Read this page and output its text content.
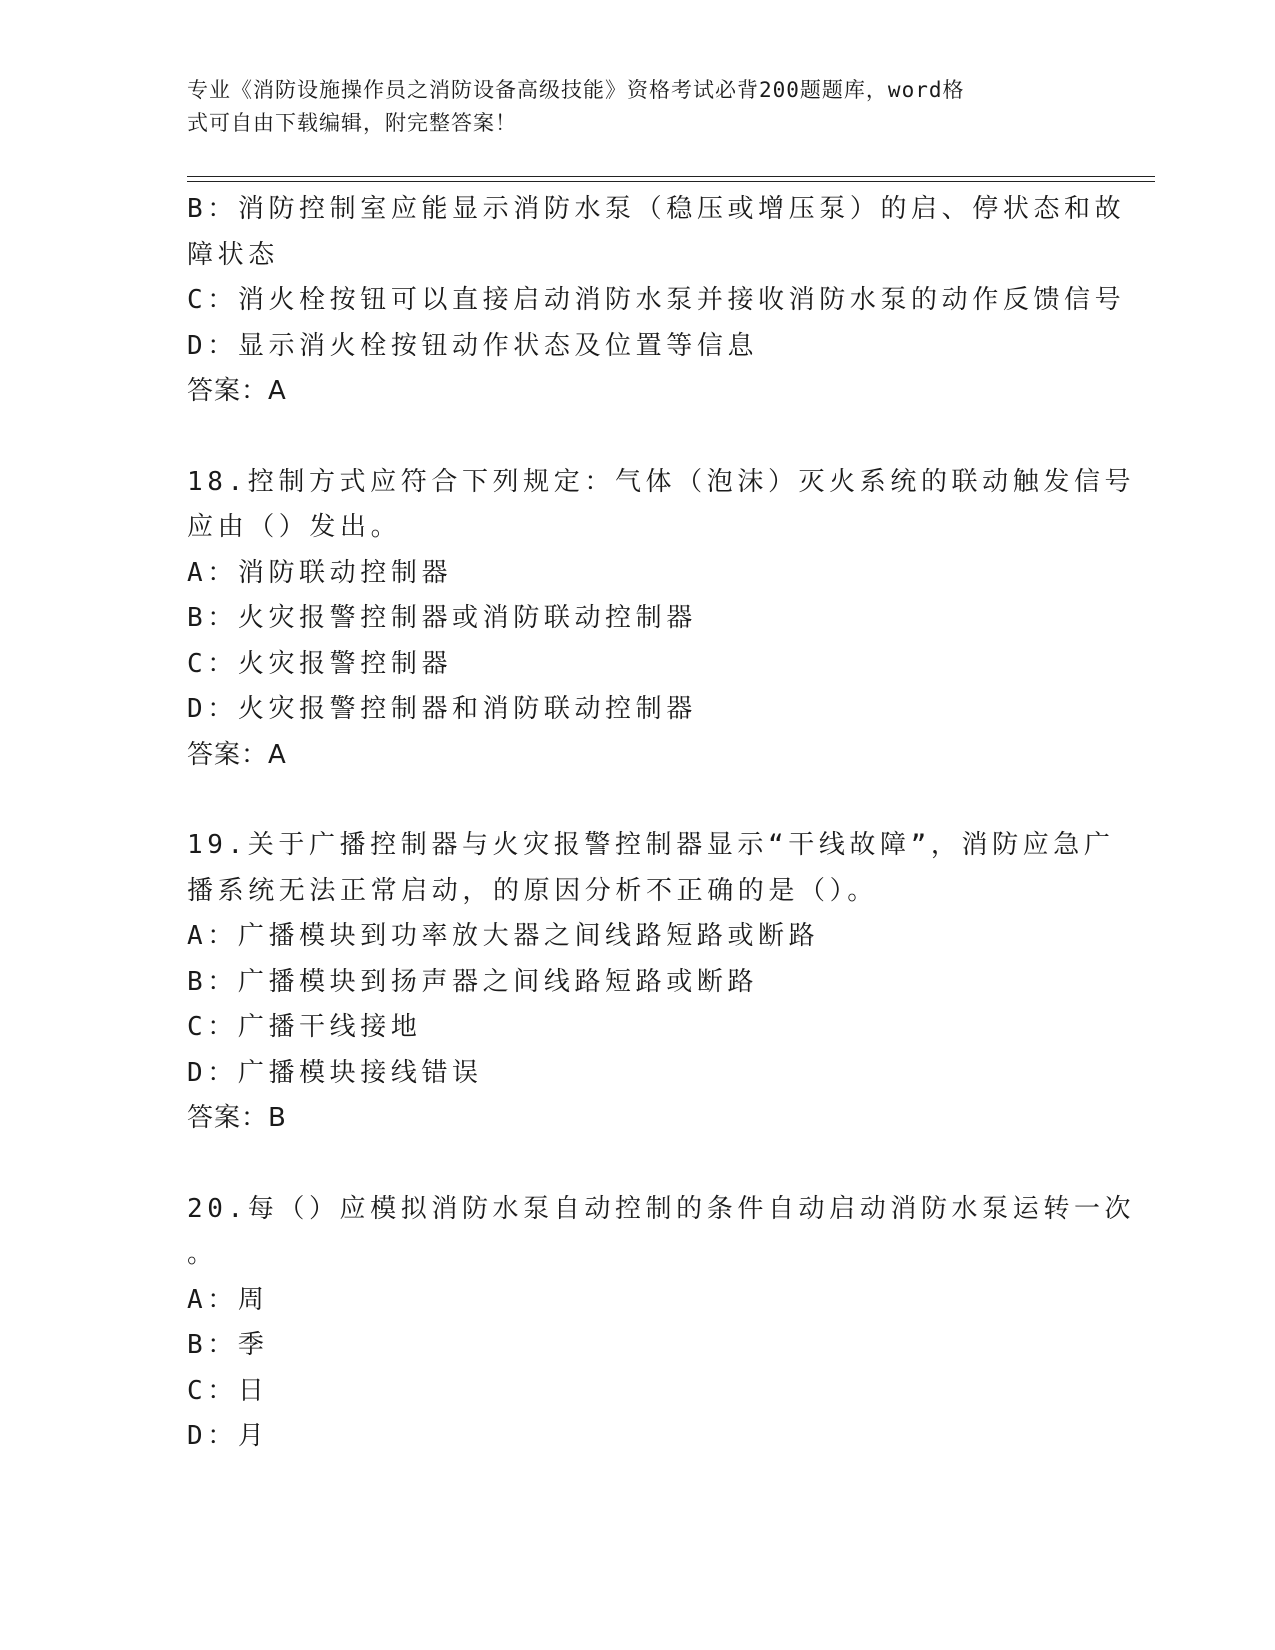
专业《消防设施操作员之消防设备高级技能》资格考试必背200题题库，word格
式可自由下载编辑，附完整答案！
B：消防控制室应能显示消防水泵（稳压或增压泵）的启、停状态和故
障状态
C：消火栓按钮可以直接启动消防水泵并接收消防水泵的动作反馈信号
D：显示消火栓按钮动作状态及位置等信息
答案：A
18.控制方式应符合下列规定：气体（泡沫）灭火系统的联动触发信号
应由（）发出。
A：消防联动控制器
B：火灾报警控制器或消防联动控制器
C：火灾报警控制器
D：火灾报警控制器和消防联动控制器
答案：A
19.关于广播控制器与火灾报警控制器显示“干线故障”，消防应急广
播系统无法正常启动，的原因分析不正确的是（）。
A：广播模块到功率放大器之间线路短路或断路
B：广播模块到扬声器之间线路短路或断路
C：广播干线接地
D：广播模块接线错误
答案：B
20.每（）应模拟消防水泵自动控制的条件自动启动消防水泵运转一次
。
A：周
B：季
C：日
D：月
